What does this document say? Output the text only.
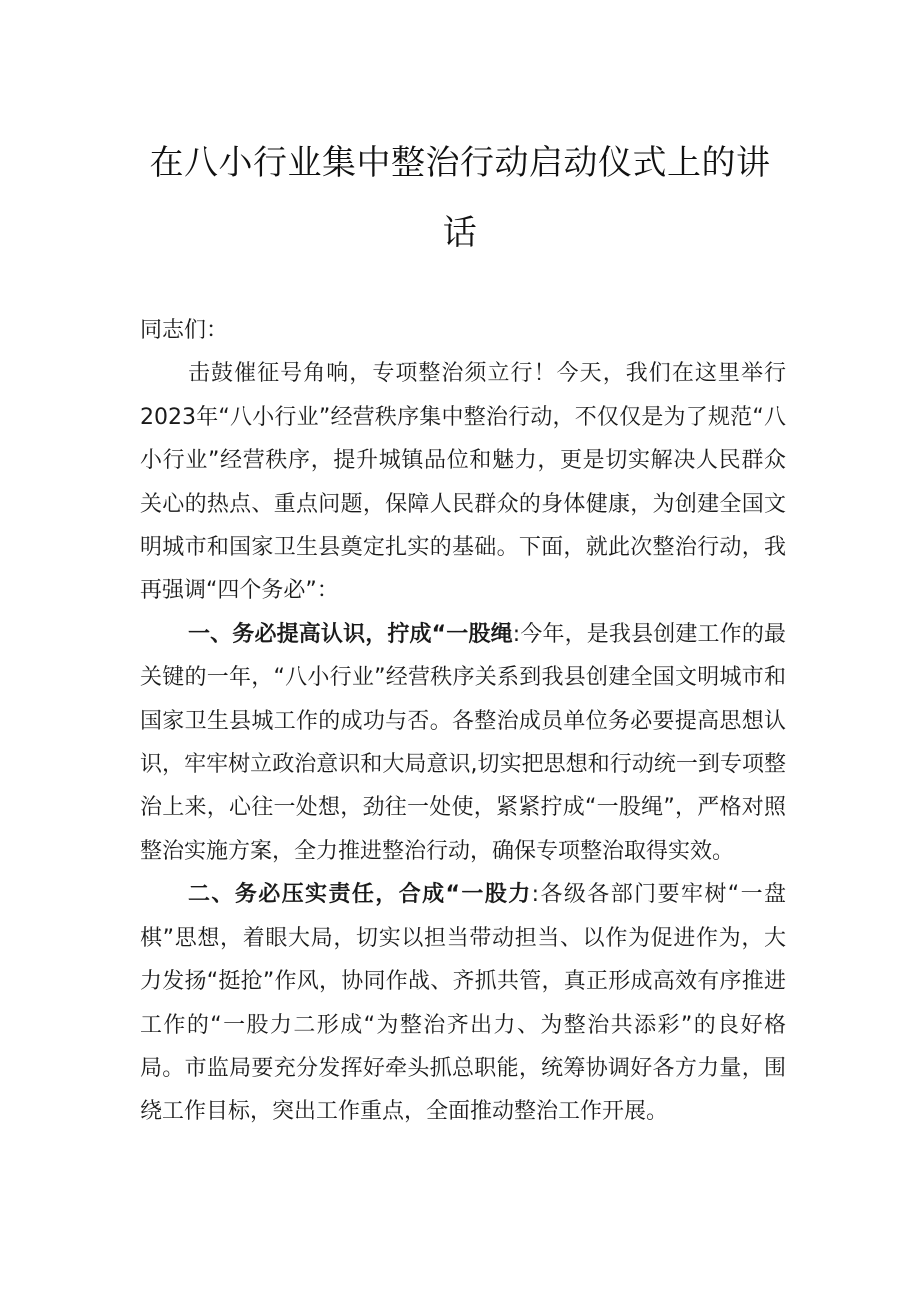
在八小行业集中整治行动启动仪式上的讲
话

同志们：

击鼓催征号角响，专项整治须立行！今天，我们在这里举行2023年“八小行业”经营秩序集中整治行动，不仅仅是为了规范“八小行业”经营秩序，提升城镇品位和魅力，更是切实解决人民群众关心的热点、重点问题，保障人民群众的身体健康，为创建全国文明城市和国家卫生县奠定扎实的基础。下面，就此次整治行动，我再强调“四个务必”：

一、务必提高认识，拧成“一股绳:今年，是我县创建工作的最关键的一年，“八小行业”经营秩序关系到我县创建全国文明城市和国家卫生县城工作的成功与否。各整治成员单位务必要提高思想认识，牢牢树立政治意识和大局意识,切实把思想和行动统一到专项整治上来，心往一处想，劲往一处使，紧紧拧成“一股绳”，严格对照整治实施方案，全力推进整治行动，确保专项整治取得实效。

二、务必压实责任，合成“一股力:各级各部门要牢树“一盘棋”思想，着眼大局，切实以担当带动担当、以作为促进作为，大力发扬“挺抢”作风，协同作战、齐抓共管，真正形成高效有序推进工作的“一股力二形成“为整治齐出力、为整治共添彩”的良好格局。市监局要充分发挥好牵头抓总职能，统筹协调好各方力量，围绕工作目标，突出工作重点，全面推动整治工作开展。
